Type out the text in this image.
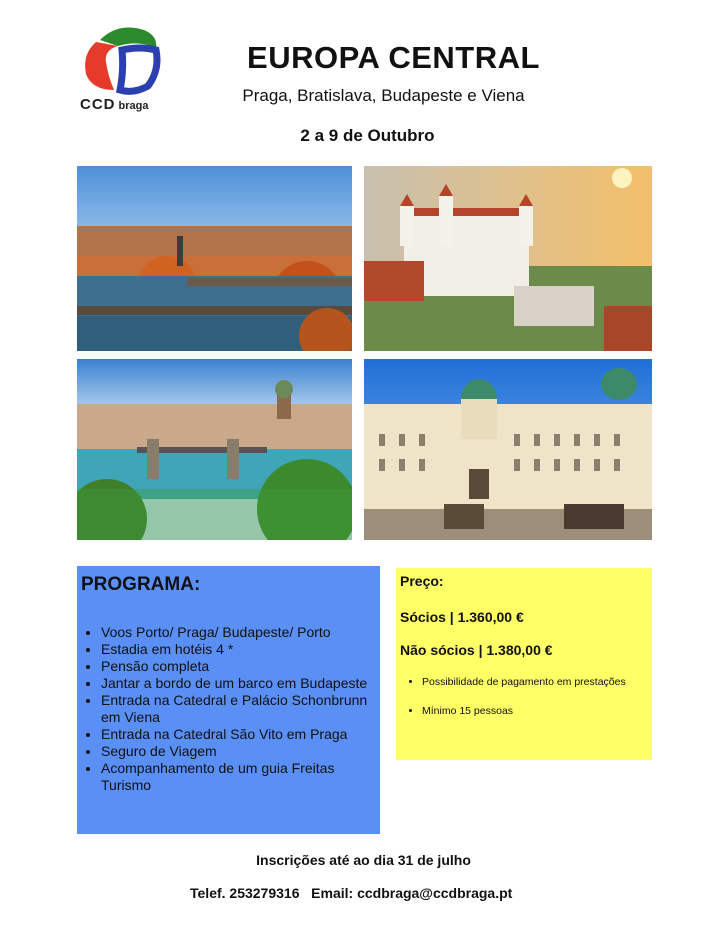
CCD braga
EUROPA CENTRAL
Praga, Bratislava, Budapeste e Viena
2 a 9 de Outubro
PROGRAMA:
• Voos Porto/ Praga/ Budapeste/ Porto
• Estadia em hotéis 4 *
• Pensão completa
• Jantar a bordo de um barco em Budapeste
• Entrada na Catedral e Palácio Schonbrunn em Viena
• Entrada na Catedral São Vito em Praga
• Seguro de Viagem
• Acompanhamento de um guia Freitas Turismo
Preço:
Sócios | 1.360,00 €
Não sócios | 1.380,00 €
• Possibilidade de pagamento em prestações
• Mínimo 15 pessoas
Inscrições até ao dia 31 de julho
Telef. 253279316   Email: ccdbraga@ccdbraga.pt
